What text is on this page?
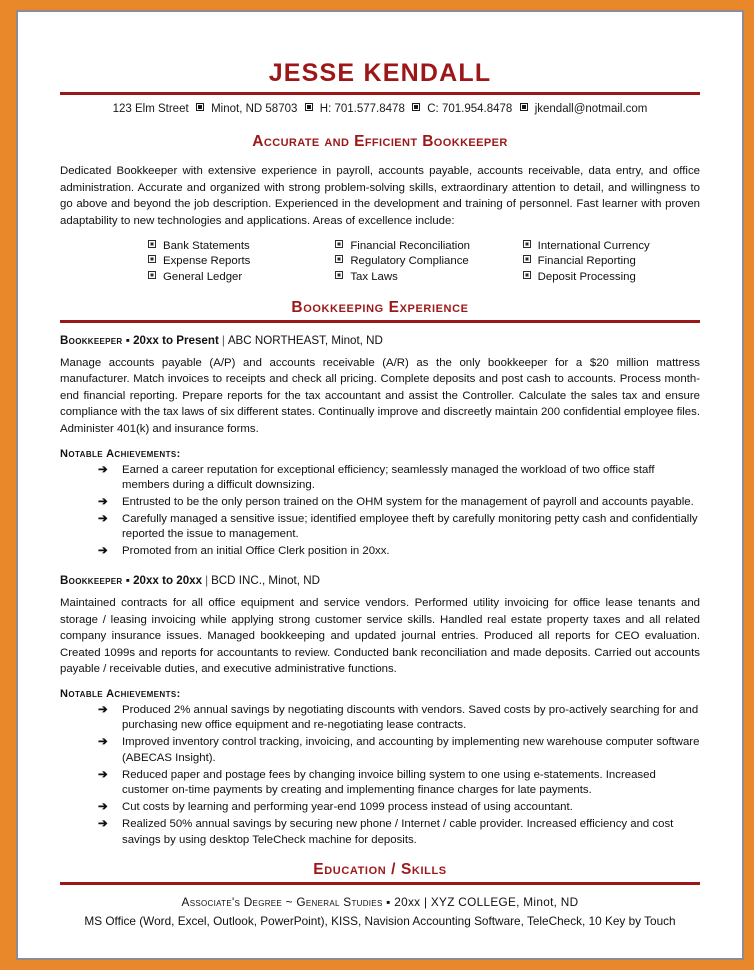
JESSE KENDALL
123 Elm Street Minot, ND 58703 H: 701.577.8478 C: 701.954.8478 jkendall@notmail.com
Accurate and Efficient Bookkeeper

Dedicated Bookkeeper with extensive experience in payroll, accounts payable, accounts receivable, data entry, and office administration. Accurate and organized with strong problem-solving skills, extraordinary attention to detail, and willingness to go above and beyond the job description. Experienced in the development and training of personnel. Fast learner with proven adaptability to new technologies and applications. Areas of excellence include:

Bank Statements	Financial Reconciliation	International Currency
Expense Reports	Regulatory Compliance	Financial Reporting
General Ledger	Tax Laws	Deposit Processing
Bookkeeping Experience
Bookkeeper ▪ 20xx to Present | ABC NORTHEAST, Minot, ND

Manage accounts payable (A/P) and accounts receivable (A/R) as the only bookkeeper for a $20 million mattress manufacturer. Match invoices to receipts and check all pricing. Complete deposits and post cash to accounts. Process month-end financial reporting. Prepare reports for the tax accountant and assist the Controller. Calculate the sales tax and ensure compliance with the tax laws of six different states. Continually improve and discreetly maintain 200 confidential employee files. Administer 401(k) and insurance forms.

Notable Achievements:
➔ Earned a career reputation for exceptional efficiency; seamlessly managed the workload of two office staff members during a difficult downsizing.
➔ Entrusted to be the only person trained on the OHM system for the management of payroll and accounts payable.
➔ Carefully managed a sensitive issue; identified employee theft by carefully monitoring petty cash and confidentially reported the issue to management.
➔ Promoted from an initial Office Clerk position in 20xx.
Bookkeeper ▪ 20xx to 20xx | BCD INC., Minot, ND

Maintained contracts for all office equipment and service vendors. Performed utility invoicing for office lease tenants and storage / leasing invoicing while applying strong customer service skills. Handled real estate property taxes and all related company insurance issues. Managed bookkeeping and updated journal entries. Produced all reports for CEO evaluation. Created 1099s and reports for accountants to review. Conducted bank reconciliation and made deposits. Carried out accounts payable / receivable duties, and executive administrative functions.

Notable Achievements:
➔ Produced 2% annual savings by negotiating discounts with vendors. Saved costs by pro-actively searching for and purchasing new office equipment and re-negotiating lease contracts.
➔ Improved inventory control tracking, invoicing, and accounting by implementing new warehouse computer software (ABECAS Insight).
➔ Reduced paper and postage fees by changing invoice billing system to one using e-statements. Increased customer on-time payments by creating and implementing finance charges for late payments.
➔ Cut costs by learning and performing year-end 1099 process instead of using accountant.
➔ Realized 50% annual savings by securing new phone / Internet / cable provider. Increased efficiency and cost savings by using desktop TeleCheck machine for deposits.
Education / Skills
Associate's Degree ~ General Studies ▪ 20xx | XYZ COLLEGE, Minot, ND
MS Office (Word, Excel, Outlook, PowerPoint), KISS, Navision Accounting Software, TeleCheck, 10 Key by Touch
